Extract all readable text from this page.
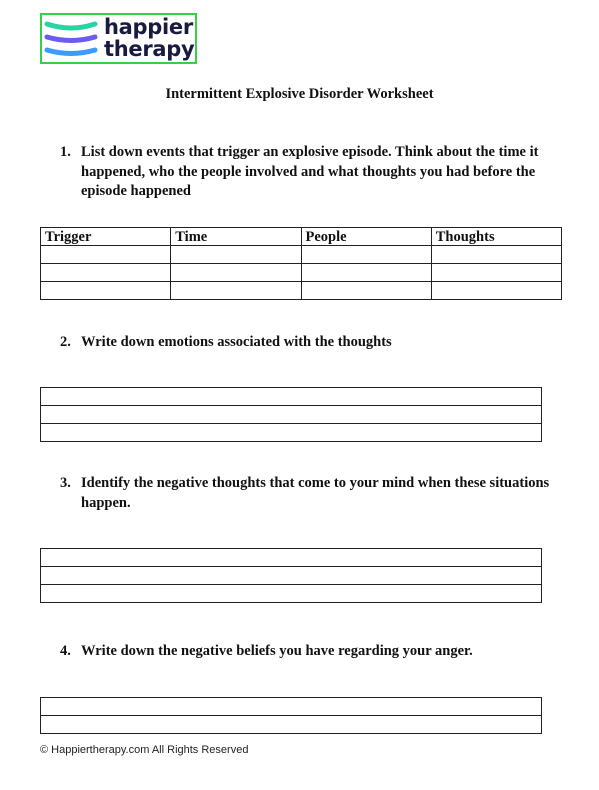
happier
therapy
Intermittent Explosive Disorder Worksheet
1. List down events that trigger an explosive episode. Think about the time it happened, who the people involved and what thoughts you had before the episode happened
Trigger	Time	People	Thoughts

2. Write down emotions associated with the thoughts

3. Identify the negative thoughts that come to your mind when these situations happen.

4. Write down the negative beliefs you have regarding your anger.

© Happiertherapy.com All Rights Reserved
